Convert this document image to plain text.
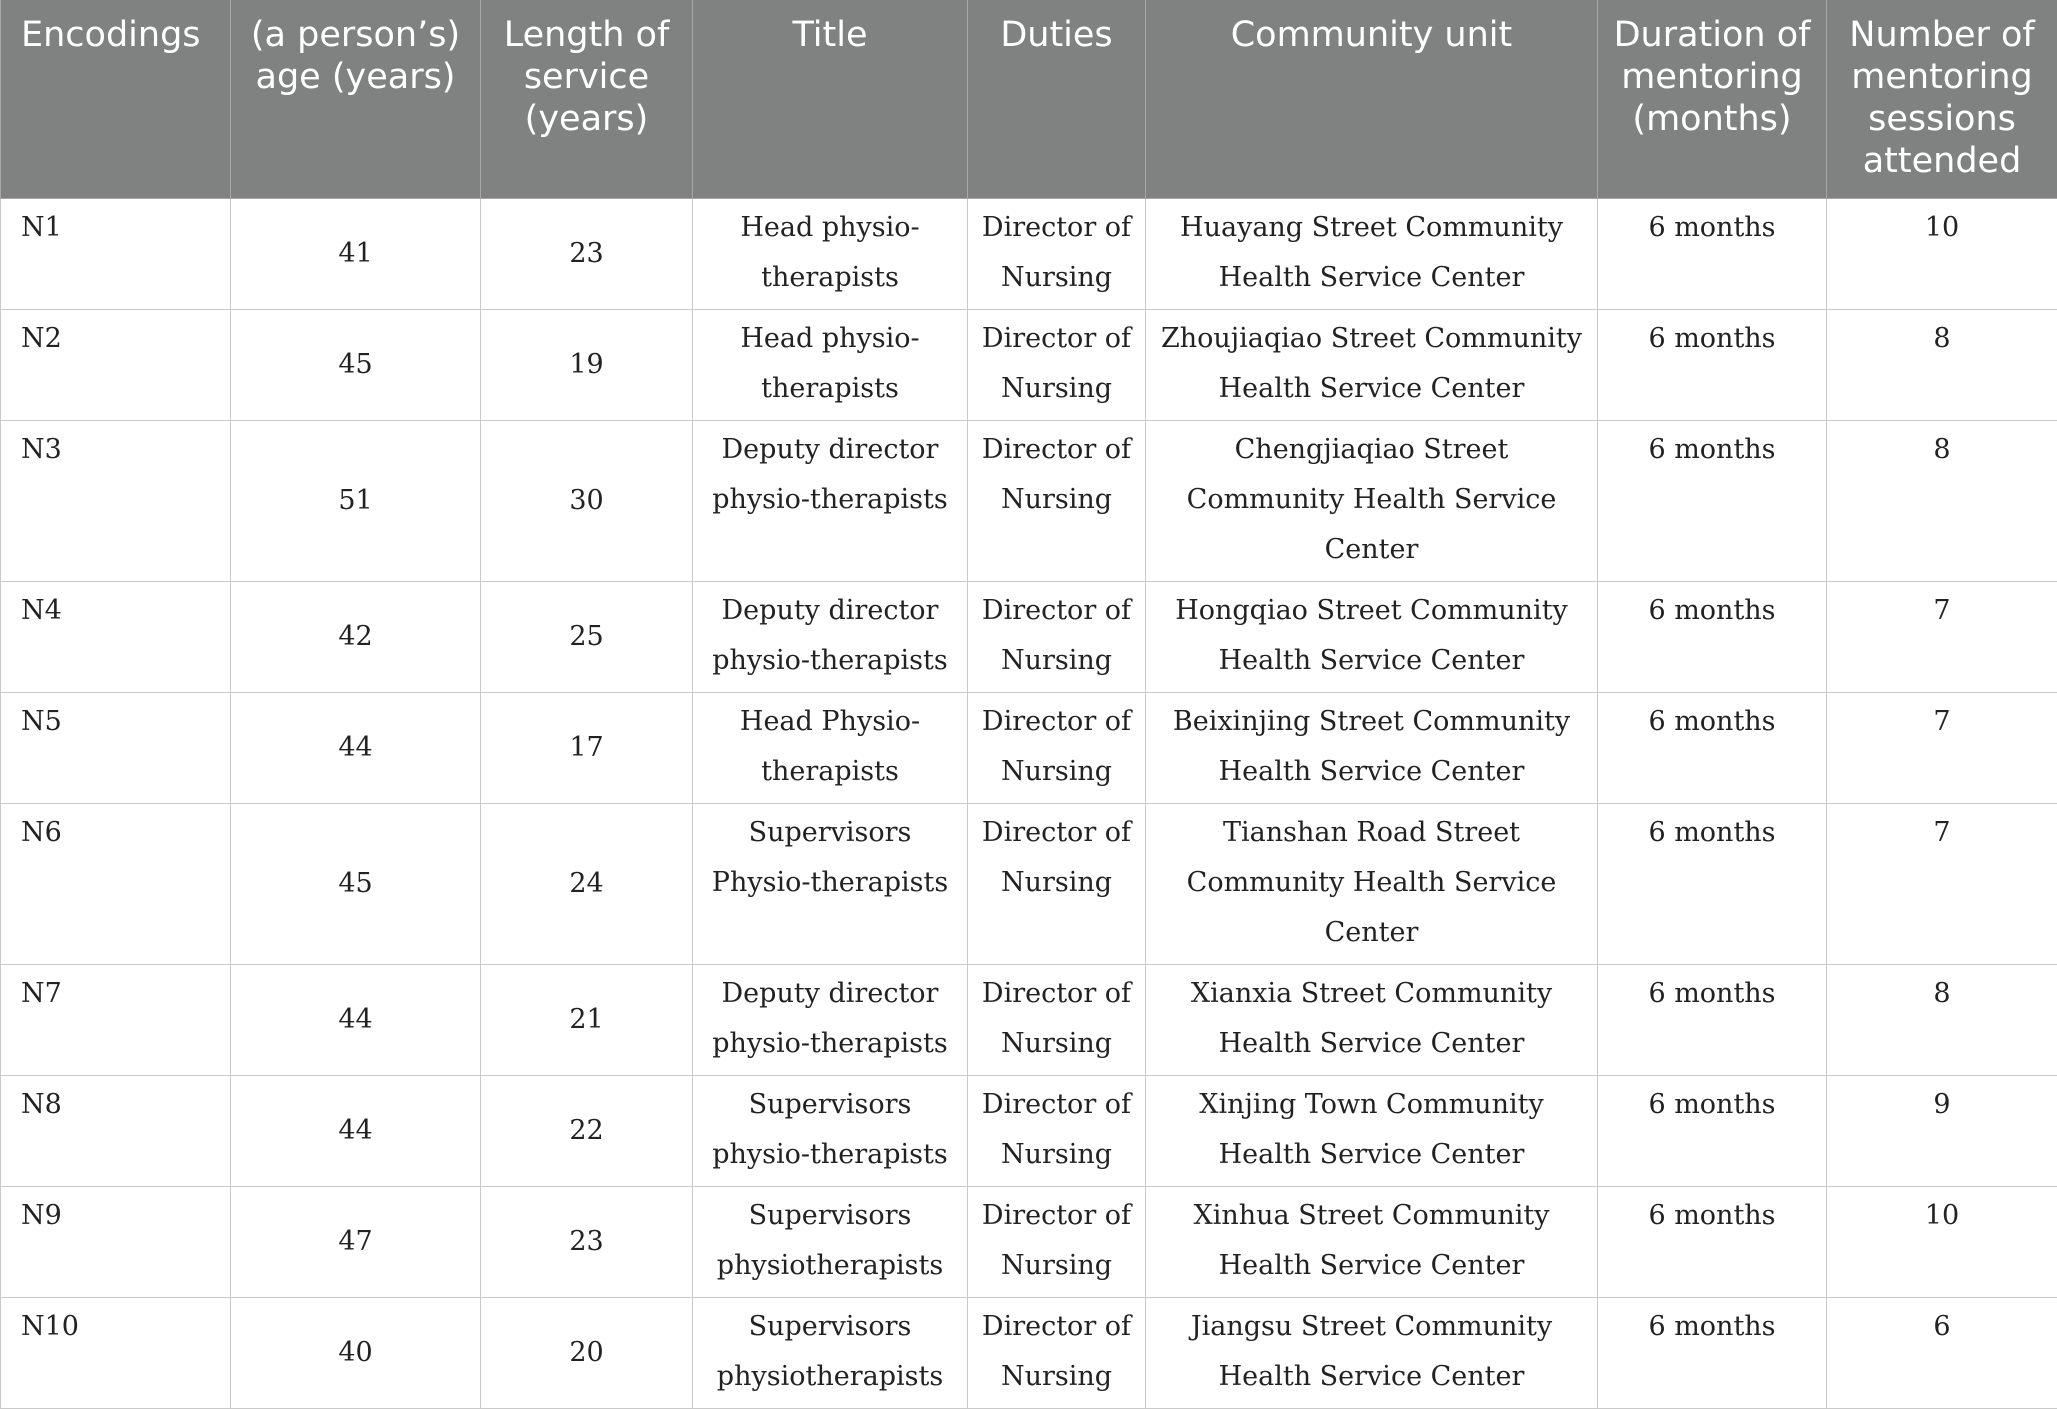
Encodings	(a person’s) age (years)	Length of service (years)	Title	Duties	Community unit	Duration of mentoring (months)	Number of mentoring sessions attended
N1	41	23	Head physio-therapists	Director of Nursing	Huayang Street Community Health Service Center	6 months	10
N2	45	19	Head physio-therapists	Director of Nursing	Zhoujiaqiao Street Community Health Service Center	6 months	8
N3	51	30	Deputy director physio-therapists	Director of Nursing	Chengjiaqiao Street Community Health Service Center	6 months	8
N4	42	25	Deputy director physio-therapists	Director of Nursing	Hongqiao Street Community Health Service Center	6 months	7
N5	44	17	Head Physio-therapists	Director of Nursing	Beixinjing Street Community Health Service Center	6 months	7
N6	45	24	Supervisors Physio-therapists	Director of Nursing	Tianshan Road Street Community Health Service Center	6 months	7
N7	44	21	Deputy director physio-therapists	Director of Nursing	Xianxia Street Community Health Service Center	6 months	8
N8	44	22	Supervisors physio-therapists	Director of Nursing	Xinjing Town Community Health Service Center	6 months	9
N9	47	23	Supervisors physiotherapists	Director of Nursing	Xinhua Street Community Health Service Center	6 months	10
N10	40	20	Supervisors physiotherapists	Director of Nursing	Jiangsu Street Community Health Service Center	6 months	6
